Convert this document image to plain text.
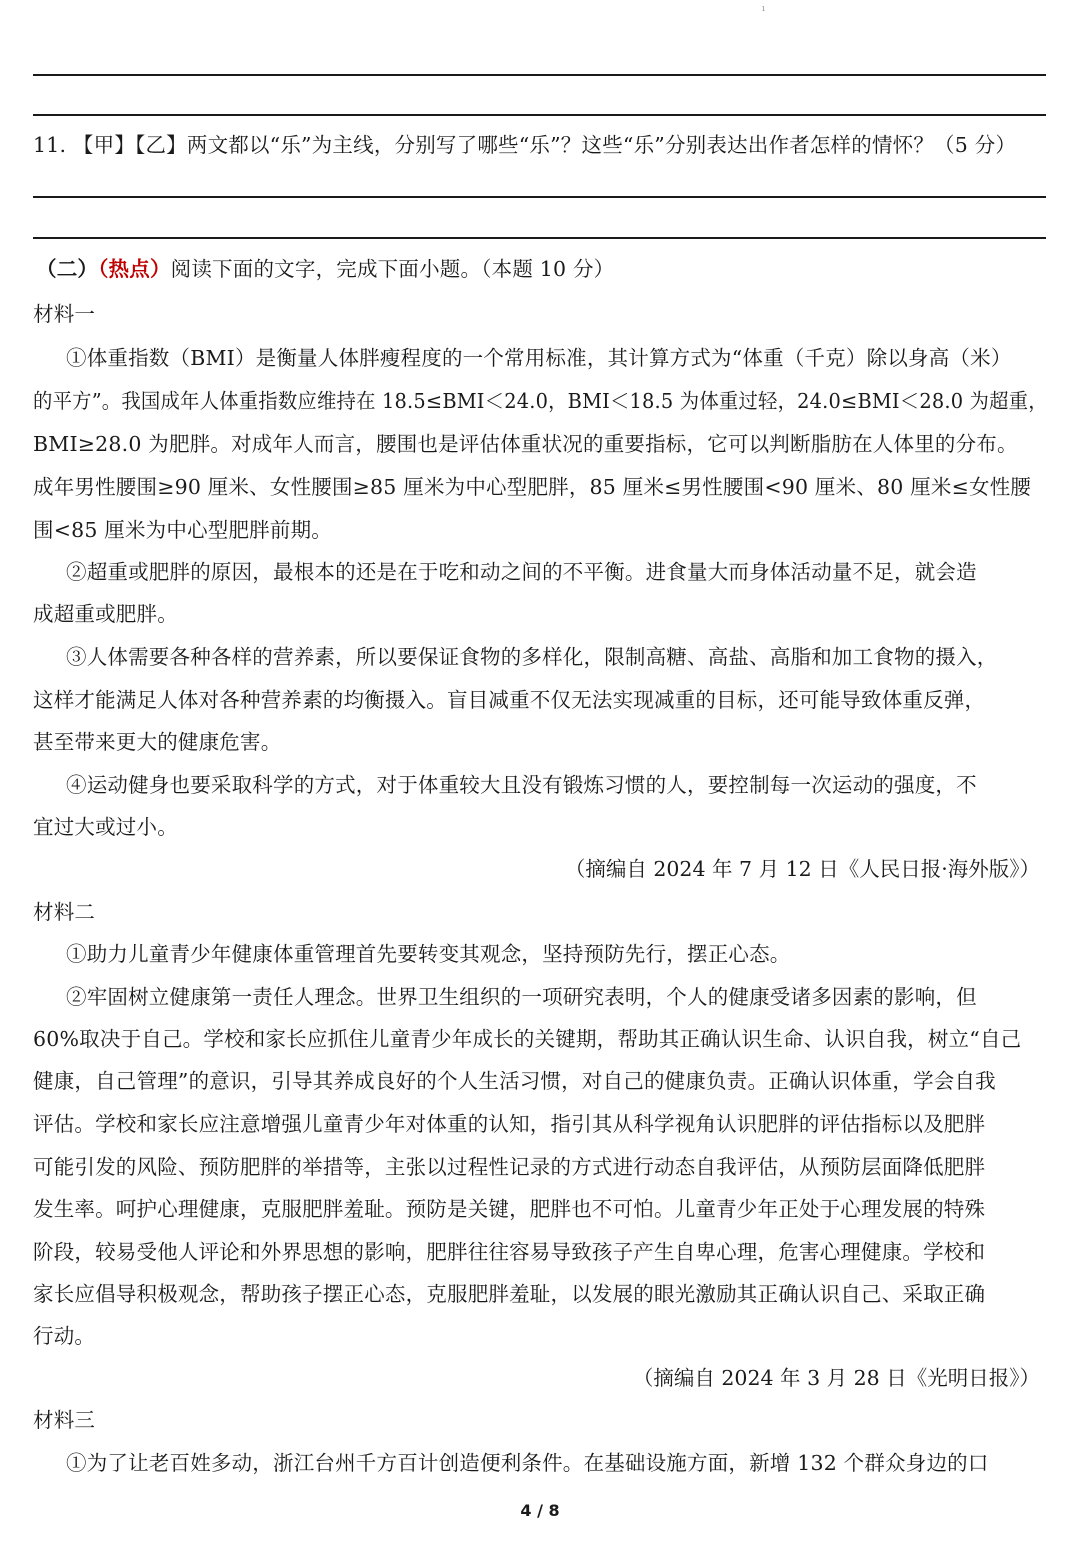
ı
11. 【甲】【乙】两文都以“乐”为主线，分别写了哪些“乐”？这些“乐”分别表达出作者怎样的情怀？（5 分）
（二）（热点）阅读下面的文字，完成下面小题。（本题 10 分）
材料一
①体重指数（BMI）是衡量人体胖瘦程度的一个常用标准，其计算方式为“体重（千克）除以身高（米）
的平方”。我国成年人体重指数应维持在 18.5≤BMI＜24.0，BMI＜18.5 为体重过轻，24.0≤BMI＜28.0 为超重，
BMI≥28.0 为肥胖。对成年人而言，腰围也是评估体重状况的重要指标，它可以判断脂肪在人体里的分布。
成年男性腰围≥90 厘米、女性腰围≥85 厘米为中心型肥胖，85 厘米≤男性腰围<90 厘米、80 厘米≤女性腰
围<85 厘米为中心型肥胖前期。
②超重或肥胖的原因，最根本的还是在于吃和动之间的不平衡。进食量大而身体活动量不足，就会造
成超重或肥胖。
③人体需要各种各样的营养素，所以要保证食物的多样化，限制高糖、高盐、高脂和加工食物的摄入，
这样才能满足人体对各种营养素的均衡摄入。盲目减重不仅无法实现减重的目标，还可能导致体重反弹，
甚至带来更大的健康危害。
④运动健身也要采取科学的方式，对于体重较大且没有锻炼习惯的人，要控制每一次运动的强度，不
宜过大或过小。
（摘编自 2024 年 7 月 12 日《人民日报·海外版》）
材料二
①助力儿童青少年健康体重管理首先要转变其观念，坚持预防先行，摆正心态。
②牢固树立健康第一责任人理念。世界卫生组织的一项研究表明，个人的健康受诸多因素的影响，但
60%取决于自己。学校和家长应抓住儿童青少年成长的关键期，帮助其正确认识生命、认识自我，树立“自己
健康，自己管理”的意识，引导其养成良好的个人生活习惯，对自己的健康负责。正确认识体重，学会自我
评估。学校和家长应注意增强儿童青少年对体重的认知，指引其从科学视角认识肥胖的评估指标以及肥胖
可能引发的风险、预防肥胖的举措等，主张以过程性记录的方式进行动态自我评估，从预防层面降低肥胖
发生率。呵护心理健康，克服肥胖羞耻。预防是关键，肥胖也不可怕。儿童青少年正处于心理发展的特殊
阶段，较易受他人评论和外界思想的影响，肥胖往往容易导致孩子产生自卑心理，危害心理健康。学校和
家长应倡导积极观念，帮助孩子摆正心态，克服肥胖羞耻，以发展的眼光激励其正确认识自己、采取正确
行动。
（摘编自 2024 年 3 月 28 日《光明日报》）
材料三
①为了让老百姓多动，浙江台州千方百计创造便利条件。在基础设施方面，新增 132 个群众身边的口
4 / 8
